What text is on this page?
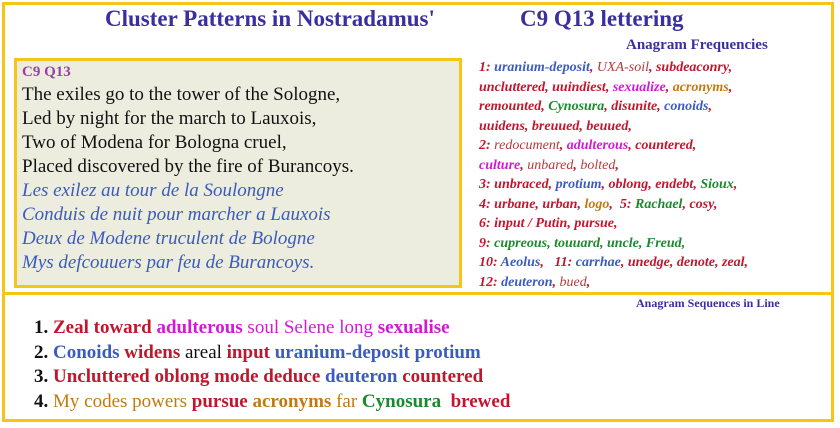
Cluster Patterns in Nostradamus'	C9 Q13 lettering
Anagram Frequencies
C9 Q13
The exiles go to the tower of the Sologne,
Led by night for the march to Lauxois,
Two of Modena for Bologna cruel,
Placed discovered by the fire of Burancoys.
Les exilez au tour de la Soulongne
Conduis de nuit pour marcher a Lauxois
Deux de Modene truculent de Bologne
Mys defcouuers par feu de Burancoys.
1: uranium-deposit, UXA-soil, subdeaconry,
uncluttered, uuindiest, sexualize, acronyms,
remounted, Cynosura, disunite, conoids,
uuidens, breuued, beuued,
2: redocument, adulterous, countered,
culture, unbared, bolted,
3: unbraced, protium, oblong, endebt, Sioux,
4: urbane, urban, logo,  5: Rachael, cosy,
6: input / Putin, pursue,
9: cupreous, touuard, uncle, Freud,
10: Aeolus,   11: carrhae, unedge, denote, zeal,
12: deuteron, bued,
Anagram Sequences in Line
1. Zeal toward adulterous soul Selene long sexualise
2. Conoids widens areal input uranium-deposit protium
3. Uncluttered oblong mode deduce deuteron countered
4. My codes powers pursue acronyms far Cynosura  brewed
